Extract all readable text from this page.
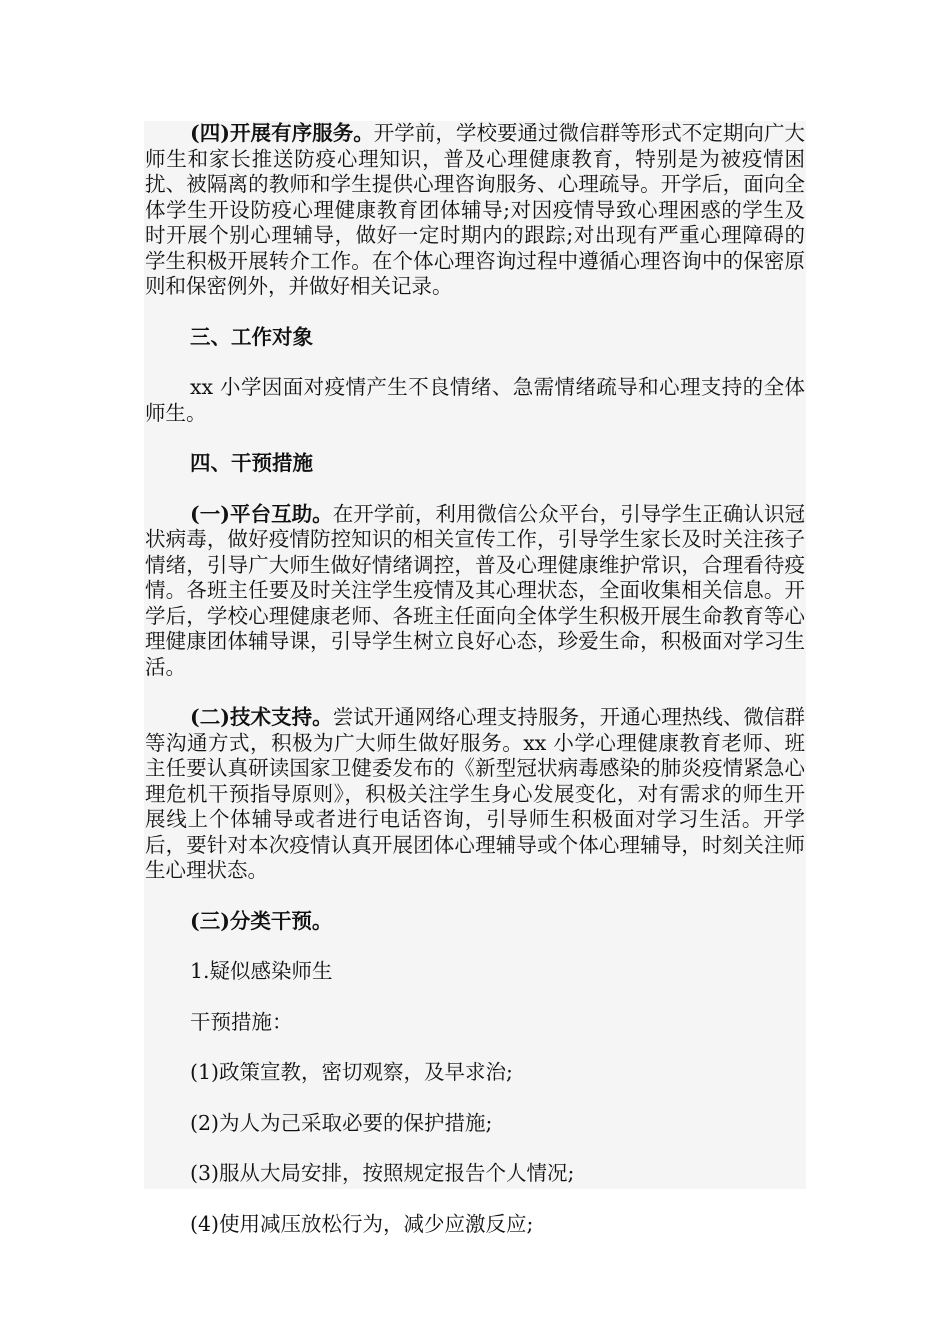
(四)开展有序服务。开学前，学校要通过微信群等形式不定期向广大师生和家长推送防疫心理知识，普及心理健康教育，特别是为被疫情困扰、被隔离的教师和学生提供心理咨询服务、心理疏导。开学后，面向全体学生开设防疫心理健康教育团体辅导;对因疫情导致心理困惑的学生及时开展个别心理辅导，做好一定时期内的跟踪;对出现有严重心理障碍的学生积极开展转介工作。在个体心理咨询过程中遵循心理咨询中的保密原则和保密例外，并做好相关记录。

三、工作对象

xx 小学因面对疫情产生不良情绪、急需情绪疏导和心理支持的全体师生。

四、干预措施

(一)平台互助。在开学前，利用微信公众平台，引导学生正确认识冠状病毒，做好疫情防控知识的相关宣传工作，引导学生家长及时关注孩子情绪，引导广大师生做好情绪调控，普及心理健康维护常识，合理看待疫情。各班主任要及时关注学生疫情及其心理状态，全面收集相关信息。开学后，学校心理健康老师、各班主任面向全体学生积极开展生命教育等心理健康团体辅导课，引导学生树立良好心态，珍爱生命，积极面对学习生活。

(二)技术支持。尝试开通网络心理支持服务，开通心理热线、微信群等沟通方式，积极为广大师生做好服务。xx 小学心理健康教育老师、班主任要认真研读国家卫健委发布的《新型冠状病毒感染的肺炎疫情紧急心理危机干预指导原则》，积极关注学生身心发展变化，对有需求的师生开展线上个体辅导或者进行电话咨询，引导师生积极面对学习生活。开学后，要针对本次疫情认真开展团体心理辅导或个体心理辅导，时刻关注师生心理状态。

(三)分类干预。

1.疑似感染师生

干预措施：

(1)政策宣教，密切观察，及早求治;

(2)为人为己采取必要的保护措施;

(3)服从大局安排，按照规定报告个人情况;

(4)使用减压放松行为，减少应激反应;
